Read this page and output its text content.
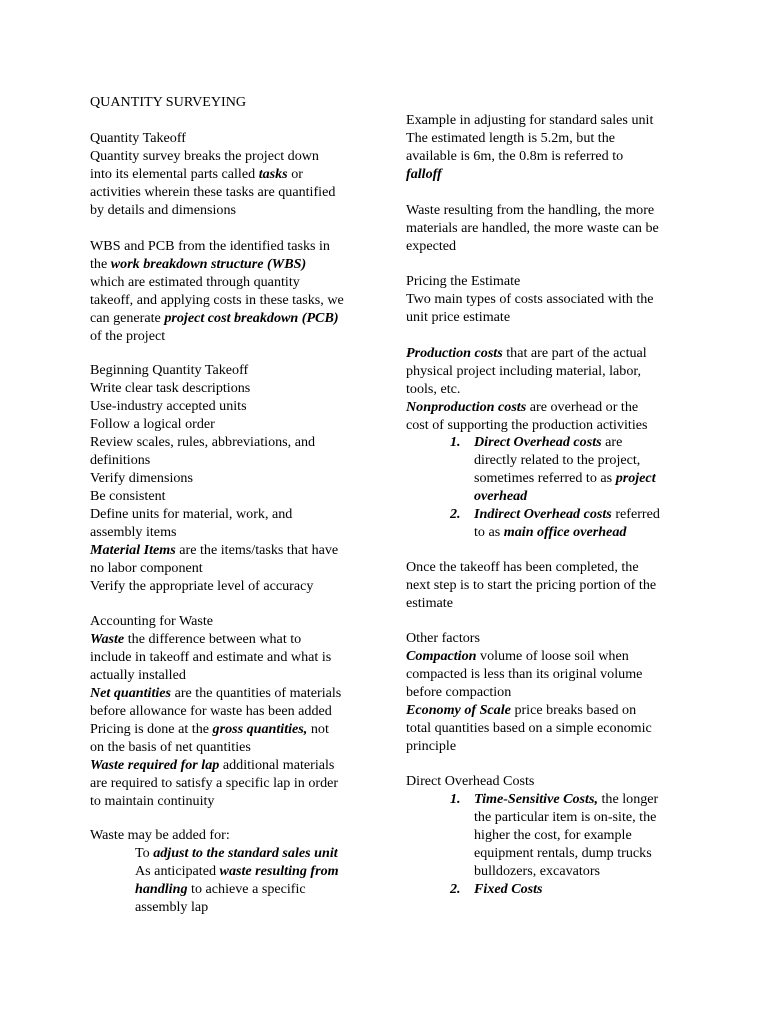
QUANTITY SURVEYING
Quantity Takeoff
Quantity survey breaks the project down
into its elemental parts called tasks or
activities wherein these tasks are quantified
by details and dimensions
WBS and PCB from the identified tasks in
the work breakdown structure (WBS)
which are estimated through quantity
takeoff, and applying costs in these tasks, we
can generate project cost breakdown (PCB)
of the project
Beginning Quantity Takeoff
Write clear task descriptions
Use-industry accepted units
Follow a logical order
Review scales, rules, abbreviations, and
definitions
Verify dimensions
Be consistent
Define units for material, work, and
assembly items
Material Items are the items/tasks that have
no labor component
Verify the appropriate level of accuracy
Accounting for Waste
Waste the difference between what to
include in takeoff and estimate and what is
actually installed
Net quantities are the quantities of materials
before allowance for waste has been added
Pricing is done at the gross quantities, not
on the basis of net quantities
Waste required for lap additional materials
are required to satisfy a specific lap in order
to maintain continuity
Waste may be added for:
To adjust to the standard sales unit
As anticipated waste resulting from
handling to achieve a specific
assembly lap
Example in adjusting for standard sales unit
The estimated length is 5.2m, but the
available is 6m, the 0.8m is referred to
falloff
Waste resulting from the handling, the more
materials are handled, the more waste can be
expected
Pricing the Estimate
Two main types of costs associated with the
unit price estimate
Production costs that are part of the actual
physical project including material, labor,
tools, etc.
Nonproduction costs are overhead or the
cost of supporting the production activities
1. Direct Overhead costs are
directly related to the project,
sometimes referred to as project
overhead
2. Indirect Overhead costs referred
to as main office overhead
Once the takeoff has been completed, the
next step is to start the pricing portion of the
estimate
Other factors
Compaction volume of loose soil when
compacted is less than its original volume
before compaction
Economy of Scale price breaks based on
total quantities based on a simple economic
principle
Direct Overhead Costs
1. Time-Sensitive Costs, the longer
the particular item is on-site, the
higher the cost, for example
equipment rentals, dump trucks
bulldozers, excavators
2. Fixed Costs
